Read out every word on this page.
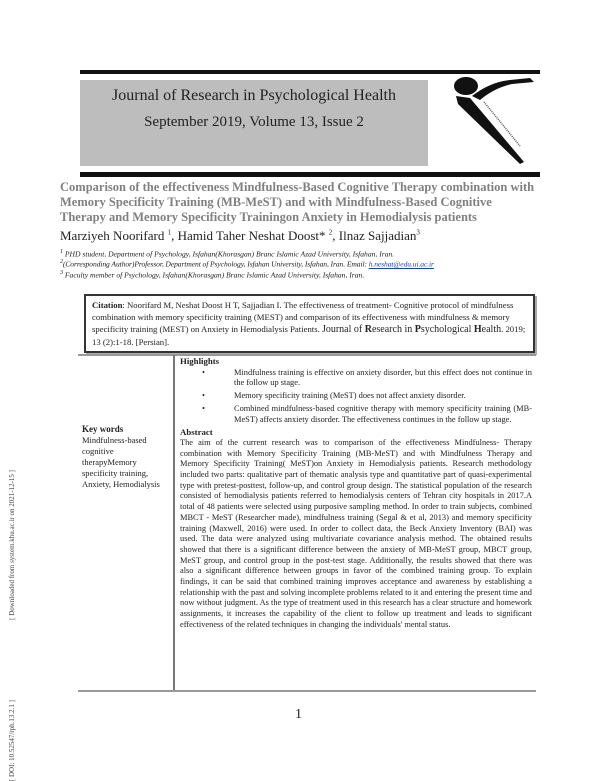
[ Downloaded from system.khu.ac.ir on 2021-12-15 ]
[ DOI: 10.52547/rph.13.2.1 ]
Journal of Research in Psychological Health
September 2019, Volume 13, Issue 2
Comparison of the effectiveness Mindfulness-Based Cognitive Therapy combination with Memory Specificity Training (MB-MeST) and with Mindfulness-Based Cognitive Therapy and Memory Specificity Trainingon Anxiety in Hemodialysis patients
Marziyeh Noorifard $^1$, Hamid Taher Neshat Doost* $^2$, Ilnaz Sajjadian$^3$
$^1$ PHD student, Department of Psychology, Isfahan(Khorasgan) Branc Islamic Azad University, Isfahan, Iran.
$^2$(Corresponding Author)Professor, Department of Psychology, Isfahan University, Isfahan, Iran. Email: h.neshat@edu.ui.ac.ir
$^3$ Faculty member of Psychology, Isfahan(Khorasgan) Branc Islamic Azad University, Isfahan, Iran.
Citation: Noorifard M, Neshat Doost H T, Sajjadian I. The effectiveness of treatment- Cognitive protocol of mindfulness combination with memory specificity training (MEST) and comparison of its effectiveness with mindfulness & memory specificity training (MEST) on Anxiety in Hemodialysis Patients. Journal of Research in Psychological Health. 2019; 13 (2):1-18. [Persian].
Key words
Mindfulness-based cognitive therapyMemory specificity training, Anxiety, Hemodialysis
Highlights
•	Mindfulness training is effective on anxiety disorder, but this effect does not continue in the follow up stage.
•	Memory specificity training (MeST) does not affect anxiety disorder.
•	Combined mindfulness-based cognitive therapy with memory specificity training (MB-MeST) affects anxiety disorder. The effectiveness continues in the follow up stage.
Abstract

The aim of the current research was to comparison of the effectiveness Mindfulness- Therapy combination with Memory Specificity Training (MB-MeST) and with Mindfulness Therapy and Memory Specificity Training( MeST)on Anxiety in Hemodialysis patients. Research methodology included two parts: qualitative part of thematic analysis type and quantitative part of quasi-experimental type with pretest-posttest, follow-up, and control group design. The statistical population of the research consisted of hemodialysis patients referred to hemodialysis centers of Tehran city hospitals in 2017.A total of 48 patients were selected using purposive sampling method. In order to train subjects, combined MBCT - MeST (Researcher made), mindfulness training (Segal & et al, 2013) and memory specificity training (Maxwell, 2016) were used. In order to collect data, the Beck Anxiety Inventory (BAI) was used. The data were analyzed using multivariate covariance analysis method. The obtained results showed that there is a significant difference between the anxiety of MB-MeST group, MBCT group, MeST group, and control group in the post-test stage. Additionally, the results showed that there was also a significant difference between groups in favor of the combined training group. To explain findings, it can be said that combined training improves acceptance and awareness by establishing a relationship with the past and solving incomplete problems related to it and entering the present time and now without judgment. As the type of treatment used in this research has a clear structure and homework assignments, it increases the capability of the client to follow up treatment and leads to significant effectiveness of the related techniques in changing the individuals' mental status.

1
